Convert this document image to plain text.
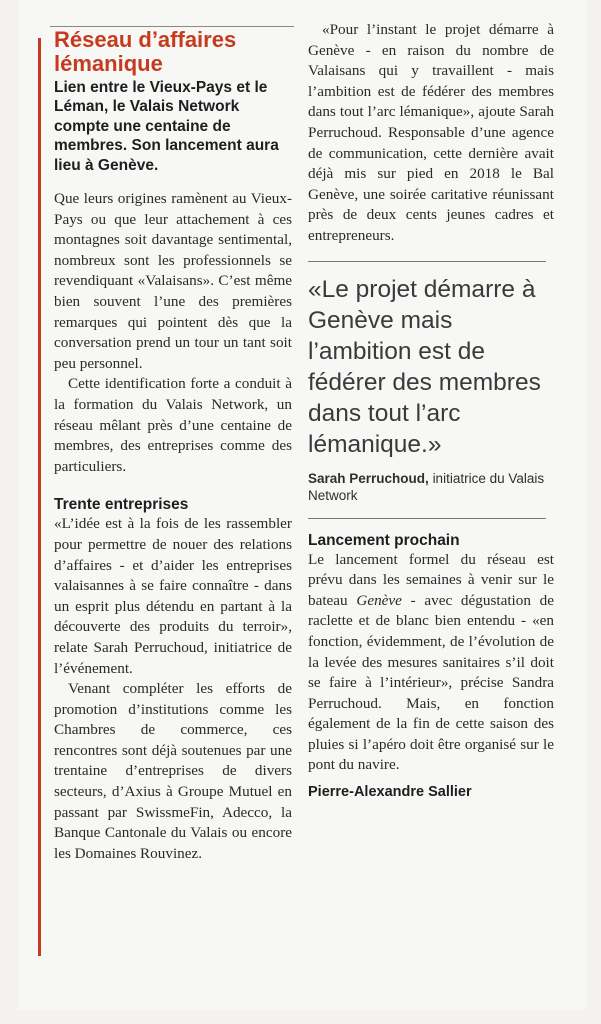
Réseau d’affaires lémanique

Lien entre le Vieux-Pays et le Léman, le Valais Network compte une centaine de membres. Son lancement aura lieu à Genève.

Que leurs origines ramènent au Vieux-Pays ou que leur attachement à ces montagnes soit davantage sentimental, nombreux sont les professionnels se revendiquant «Valaisans». C’est même bien souvent l’une des premières remarques qui pointent dès que la conversation prend un tour un tant soit peu personnel.

Cette identification forte a conduit à la formation du Valais Network, un réseau mêlant près d’une centaine de membres, des entreprises comme des particuliers.

Trente entreprises

«L’idée est à la fois de les rassembler pour permettre de nouer des relations d’affaires - et d’aider les entreprises valaisannes à se faire connaître - dans un esprit plus détendu en partant à la découverte des produits du terroir», relate Sarah Perruchoud, initiatrice de l’événement.

Venant compléter les efforts de promotion d’institutions comme les Chambres de commerce, ces rencontres sont déjà soutenues par une trentaine d’entreprises de divers secteurs, d’Axius à Groupe Mutuel en passant par SwissmeFin, Adecco, la Banque Cantonale du Valais ou encore les Domaines Rouvinez.

«Pour l’instant le projet démarre à Genève - en raison du nombre de Valaisans qui y travaillent - mais l’ambition est de fédérer des membres dans tout l’arc lémanique», ajoute Sarah Perruchoud. Responsable d’une agence de communication, cette dernière avait déjà mis sur pied en 2018 le Bal Genève, une soirée caritative réunissant près de deux cents jeunes cadres et entrepreneurs.

«Le projet démarre à Genève mais l’ambition est de fédérer des membres dans tout l’arc lémanique.»

Sarah Perruchoud, initiatrice du Valais Network
Lancement prochain

Le lancement formel du réseau est prévu dans les semaines à venir sur le bateau Genève - avec dégustation de raclette et de blanc bien entendu - «en fonction, évidemment, de l’évolution de la levée des mesures sanitaires s’il doit se faire à l’intérieur», précise Sandra Perruchoud. Mais, en fonction également de la fin de cette saison des pluies si l’apéro doit être organisé sur le pont du navire.

Pierre-Alexandre Sallier
